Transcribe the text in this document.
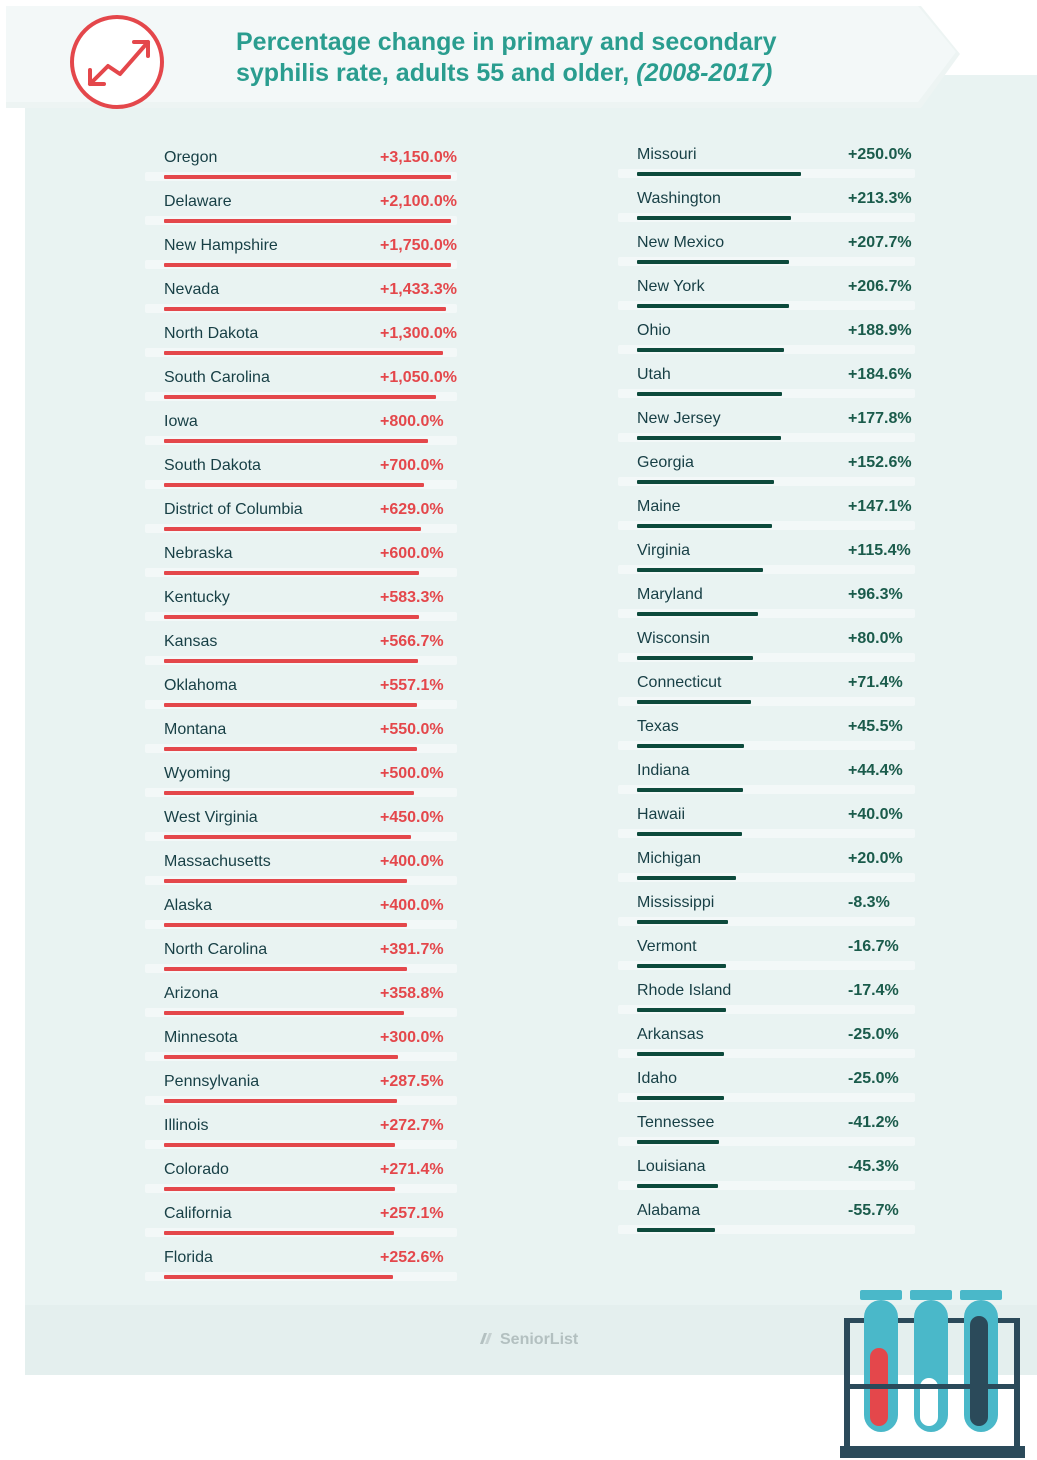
Percentage change in primary and secondary
syphilis rate, adults 55 and older, (2008-2017)
Oregon	+3,150.0%
Delaware	+2,100.0%
New Hampshire	+1,750.0%
Nevada	+1,433.3%
North Dakota	+1,300.0%
South Carolina	+1,050.0%
Iowa	+800.0%
South Dakota	+700.0%
District of Columbia	+629.0%
Nebraska	+600.0%
Kentucky	+583.3%
Kansas	+566.7%
Oklahoma	+557.1%
Montana	+550.0%
Wyoming	+500.0%
West Virginia	+450.0%
Massachusetts	+400.0%
Alaska	+400.0%
North Carolina	+391.7%
Arizona	+358.8%
Minnesota	+300.0%
Pennsylvania	+287.5%
Illinois	+272.7%
Colorado	+271.4%
California	+257.1%
Florida	+252.6%
Missouri	+250.0%
Washington	+213.3%
New Mexico	+207.7%
New York	+206.7%
Ohio	+188.9%
Utah	+184.6%
New Jersey	+177.8%
Georgia	+152.6%
Maine	+147.1%
Virginia	+115.4%
Maryland	+96.3%
Wisconsin	+80.0%
Connecticut	+71.4%
Texas	+45.5%
Indiana	+44.4%
Hawaii	+40.0%
Michigan	+20.0%
Mississippi	-8.3%
Vermont	-16.7%
Rhode Island	-17.4%
Arkansas	-25.0%
Idaho	-25.0%
Tennessee	-41.2%
Louisiana	-45.3%
Alabama	-55.7%
SeniorList
